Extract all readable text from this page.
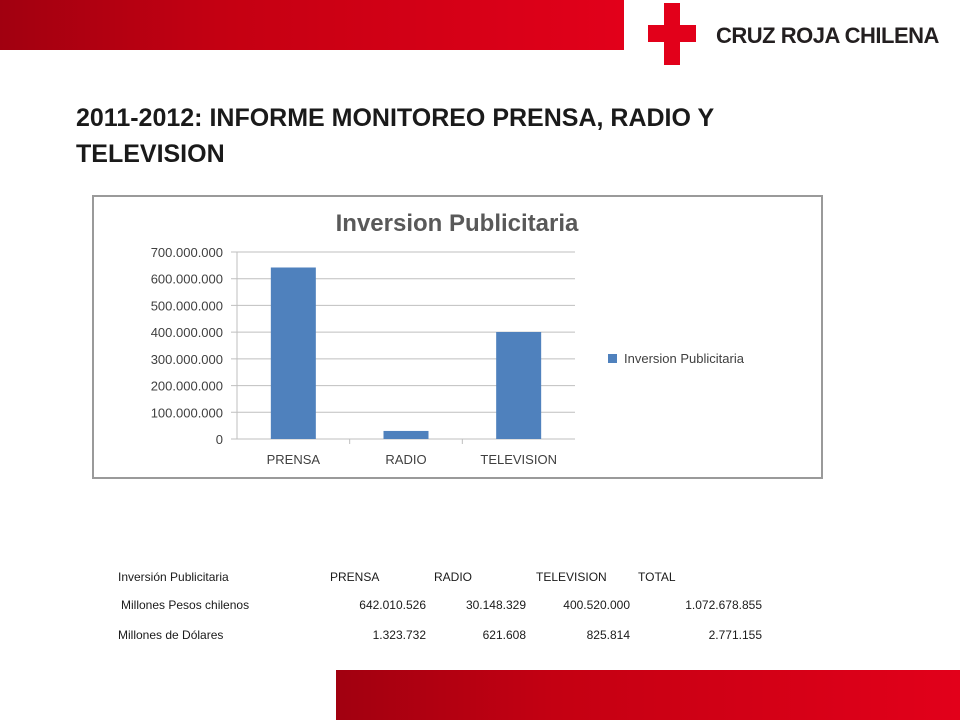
CRUZ ROJA CHILENA
2011-2012: INFORME MONITOREO PRENSA, RADIO Y TELEVISION
Inversion Publicitaria
0
100.000.000
200.000.000
300.000.000
400.000.000
500.000.000
600.000.000
700.000.000
PRENSA	RADIO	TELEVISION
Inversion Publicitaria
Inversión Publicitaria	PRENSA	RADIO	TELEVISION	TOTAL
Millones Pesos chilenos	642.010.526	30.148.329	400.520.000	1.072.678.855
Millones de Dólares	1.323.732	621.608	825.814	2.771.155
